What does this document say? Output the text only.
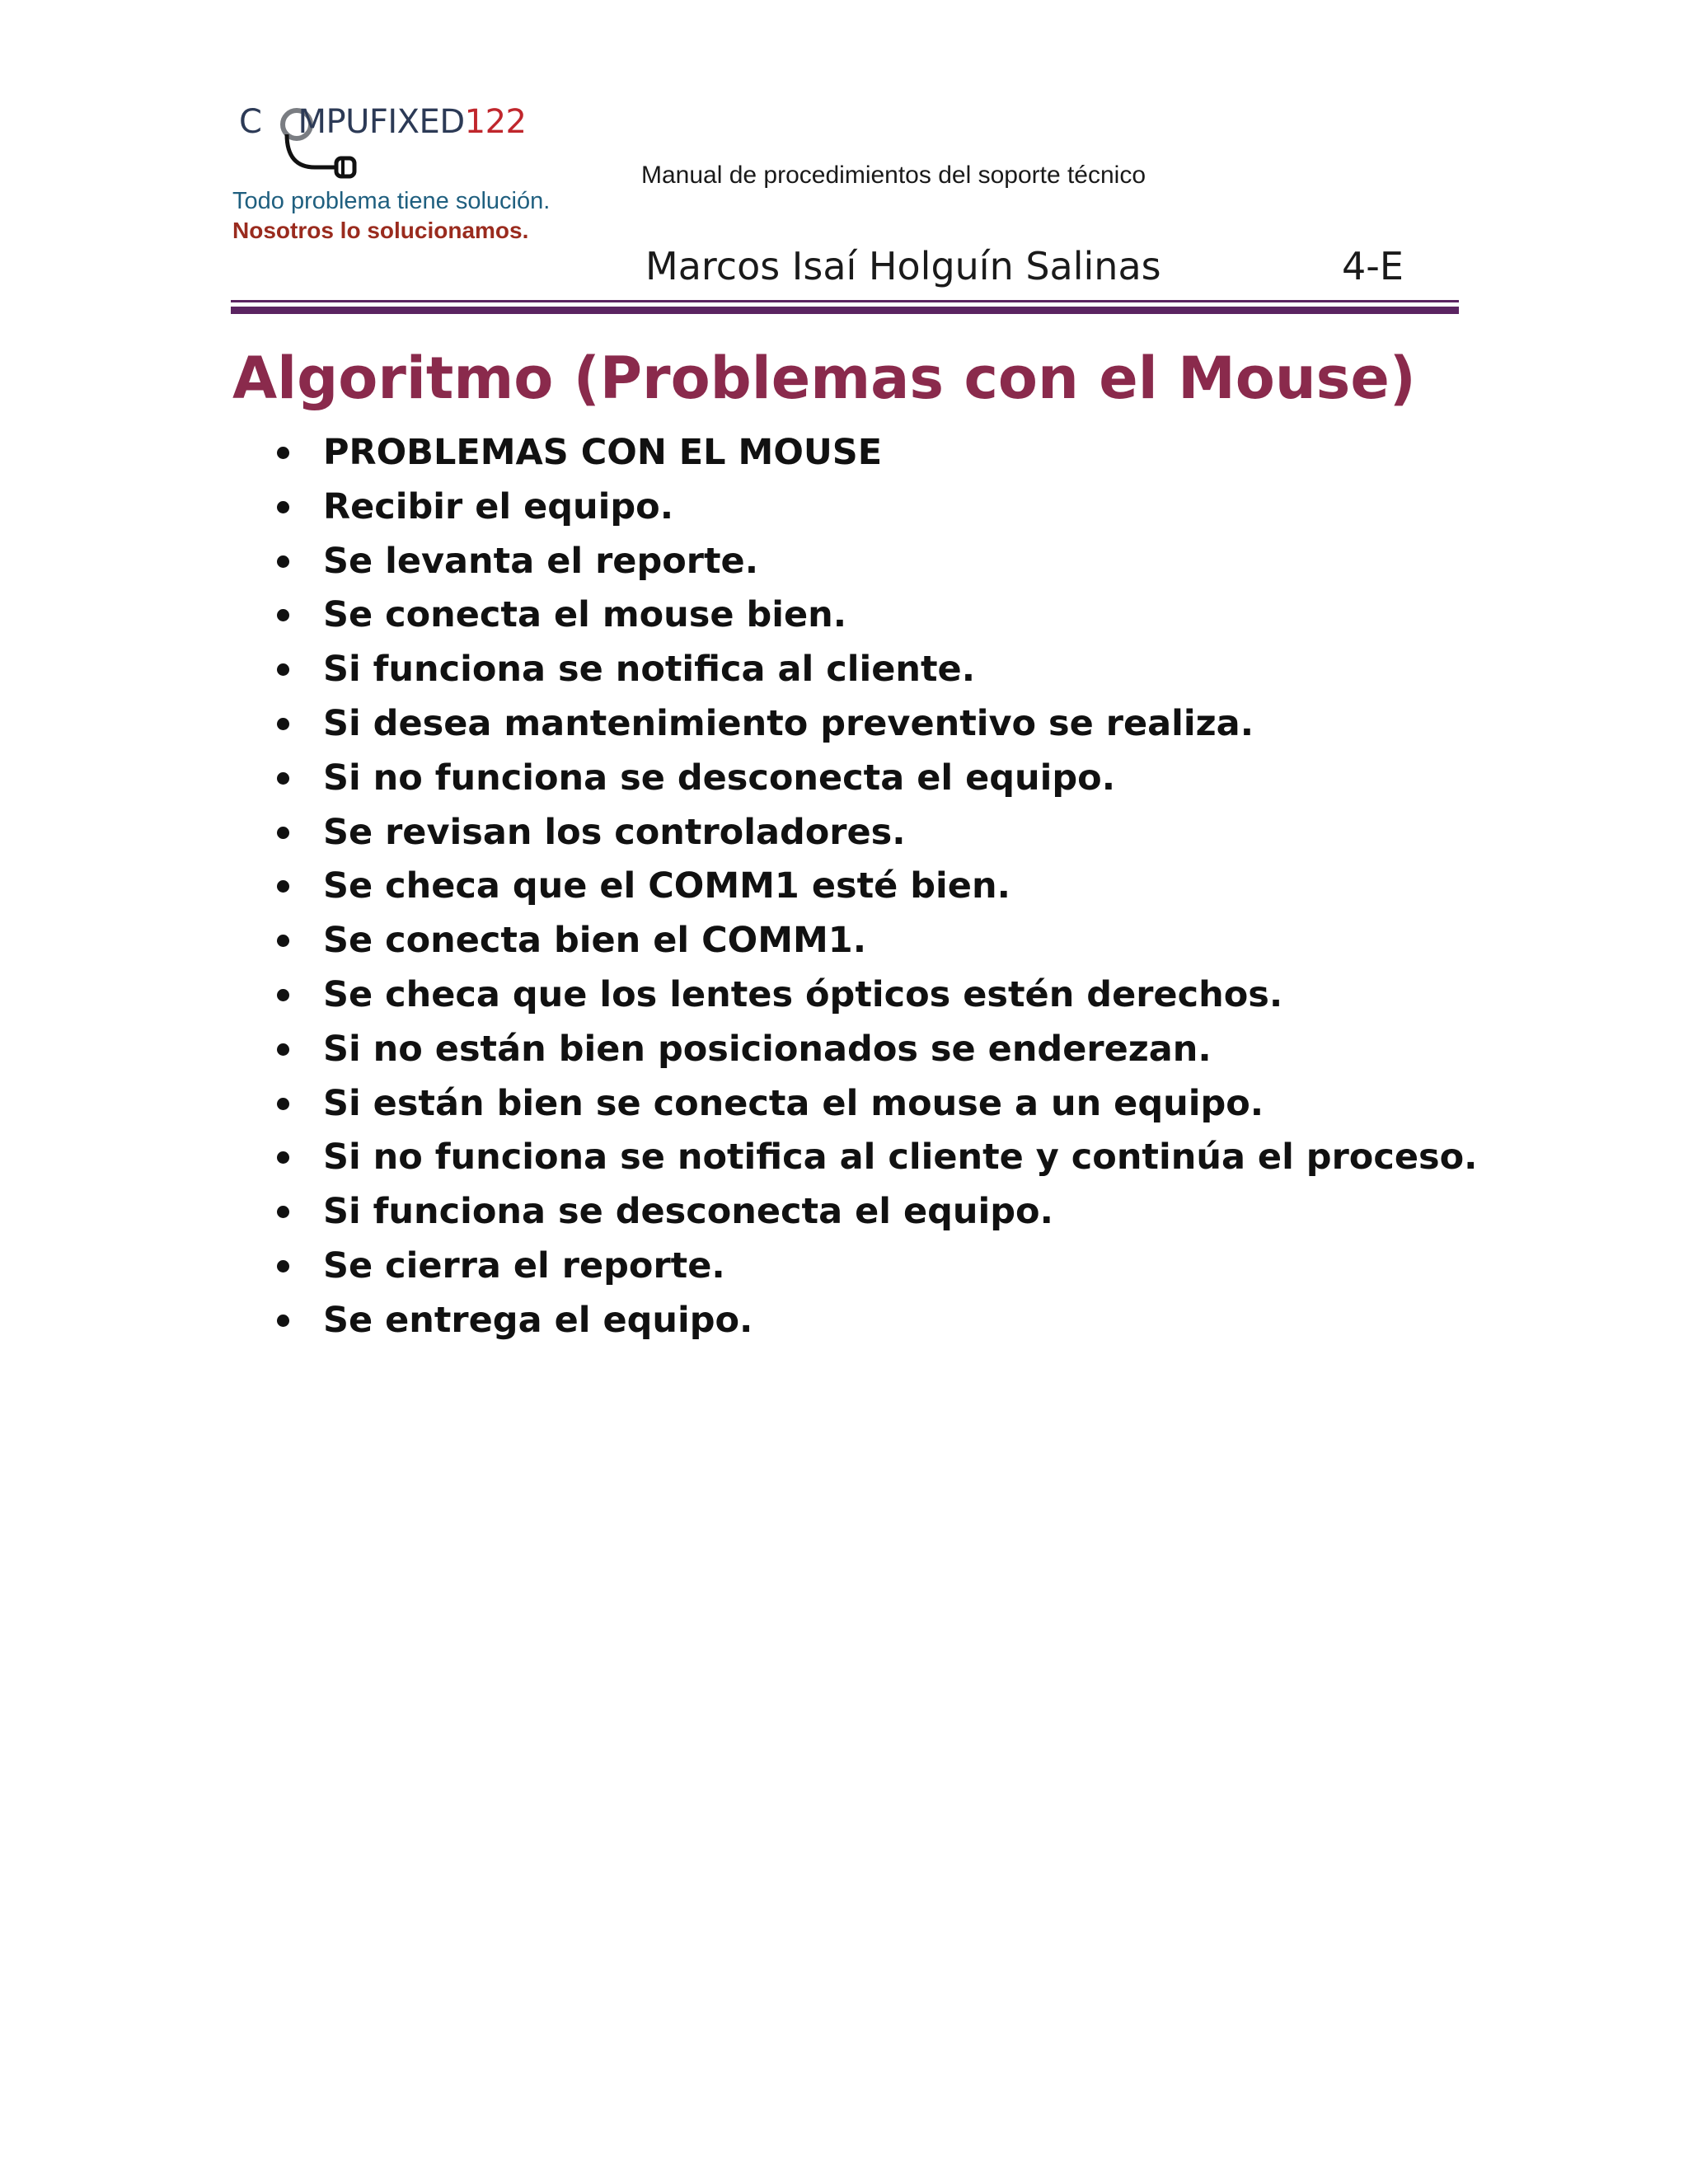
C MPUFIXED122
Todo problema tiene solución.
Nosotros lo solucionamos.
Manual de procedimientos del soporte técnico
Marcos Isaí Holguín Salinas	4-E
Algoritmo (Problemas con el Mouse)
PROBLEMAS CON EL MOUSE
Recibir el equipo.
Se levanta el reporte.
Se conecta el mouse bien.
Si funciona se notifica al cliente.
Si desea mantenimiento preventivo se realiza.
Si no funciona se desconecta el equipo.
Se revisan los controladores.
Se checa que el COMM1 esté bien.
Se conecta bien el COMM1.
Se checa que los lentes ópticos estén derechos.
Si no están bien posicionados se enderezan.
Si están bien se conecta el mouse a un equipo.
Si no funciona se notifica al cliente y continúa el proceso.
Si funciona se desconecta el equipo.
Se cierra el reporte.
Se entrega el equipo.
